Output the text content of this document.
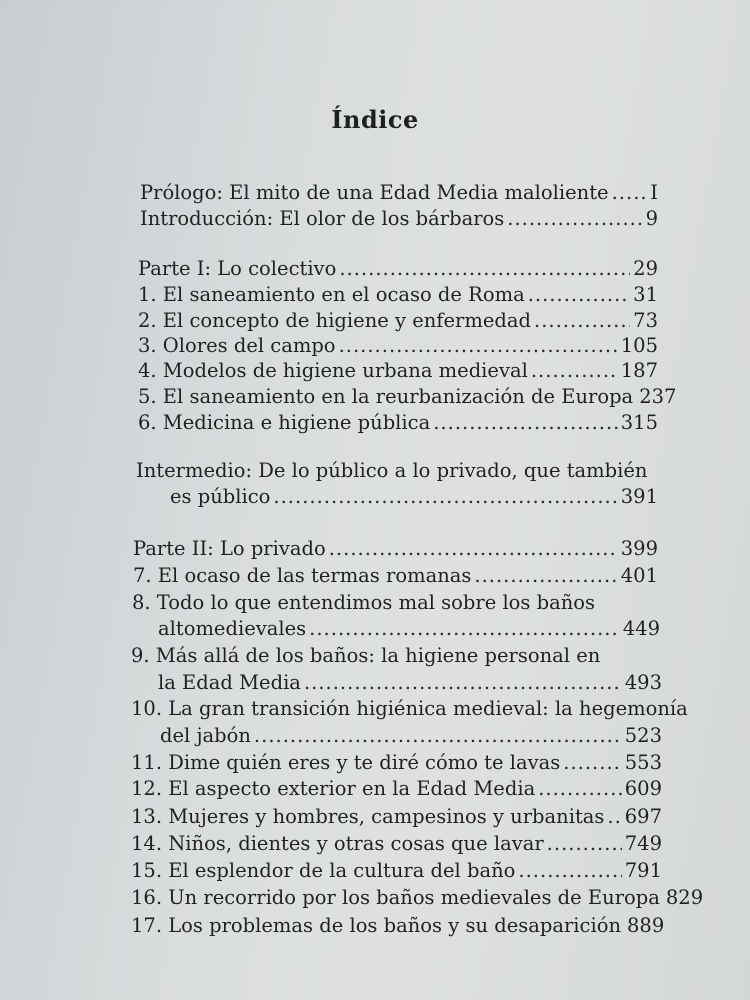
Índice
Prólogo: El mito de una Edad Media maloliente ..... I
Introducción: El olor de los bárbaros .....	9
Parte I: Lo colectivo .....	29
1. El saneamiento en el ocaso de Roma .....	31
2. El concepto de higiene y enfermedad .....	73
3. Olores del campo .....	105
4. Modelos de higiene urbana medieval .....	187
5. El saneamiento en la reurbanización de Europa 237
6. Medicina e higiene pública .....	315
Intermedio: De lo público a lo privado, que también
es público .....	391
Parte II: Lo privado .....	399
7. El ocaso de las termas romanas .....	401
8. Todo lo que entendimos mal sobre los baños
altomedievales .....	449
9. Más allá de los baños: la higiene personal en
la Edad Media .....	493
10. La gran transición higiénica medieval: la hegemonía
del jabón .....	523
11. Dime quién eres y te diré cómo te lavas .....	553
12. El aspecto exterior en la Edad Media .....	609
13. Mujeres y hombres, campesinos y urbanitas ..... 697
14. Niños, dientes y otras cosas que lavar .....	749
15. El esplendor de la cultura del baño .....	791
16. Un recorrido por los baños medievales de Europa 829
17. Los problemas de los baños y su desaparición 889
